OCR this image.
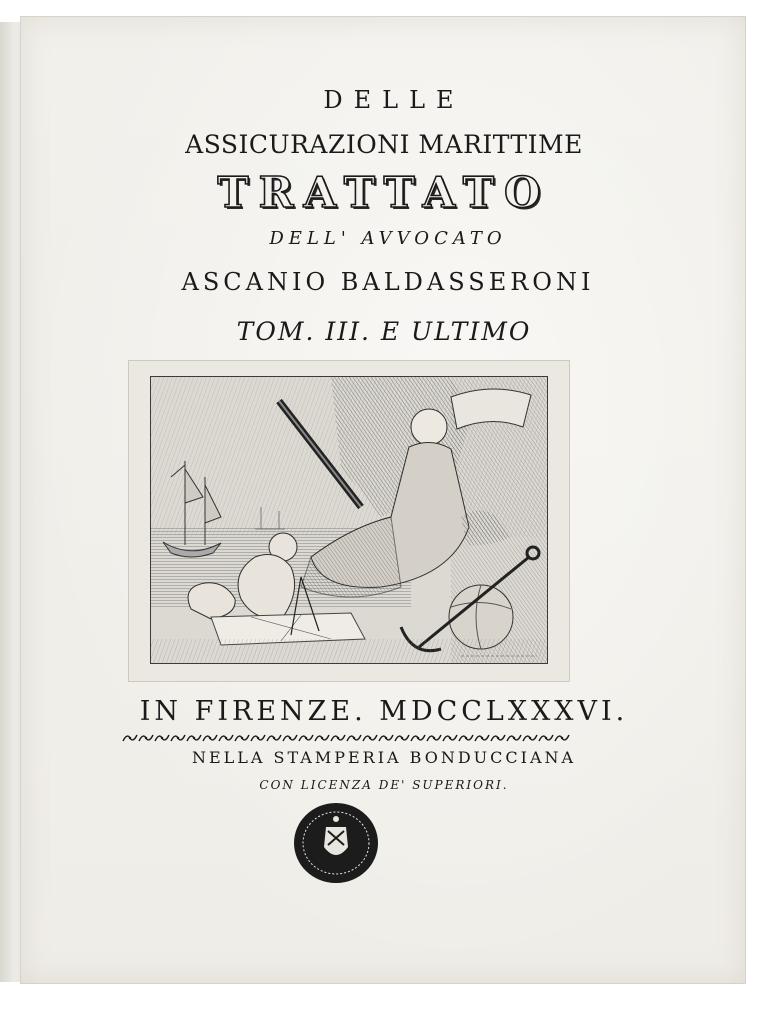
DELLE
ASSICURAZIONI MARITTIME
TRATTATO
DELL' AVVOCATO
ASCANIO BALDASSERONI
TOM. III. E ULTIMO
IN FIRENZE. MDCCLXXXVI.
NELLA STAMPERIA BONDUCCIANA
CON LICENZA DE' SUPERIORI.
